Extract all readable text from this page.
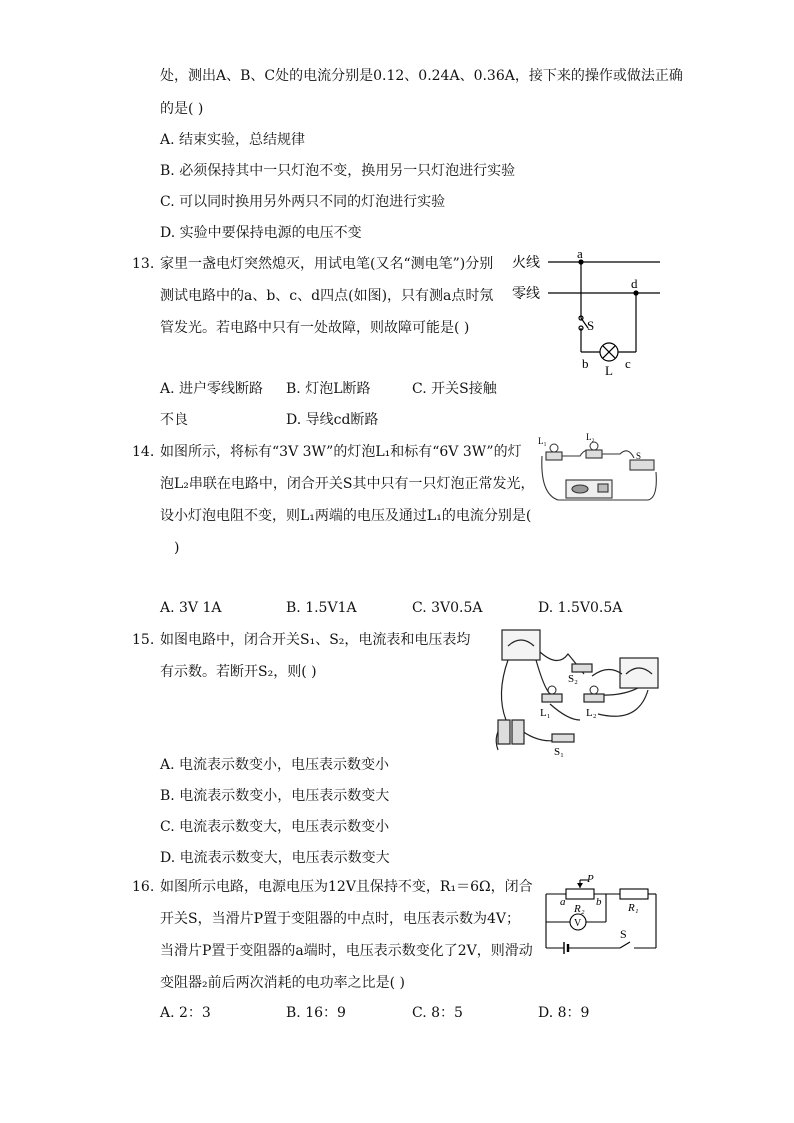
处，测出A、B、C处的电流分别是0.12、0.24A、0.36A，接下来的操作或做法正确
的是( )
A. 结束实验，总结规律
B. 必须保持其中一只灯泡不变，换用另一只灯泡进行实验
C. 可以同时换用另外两只不同的灯泡进行实验
D. 实验中要保持电源的电压不变
13. 家里一盏电灯突然熄灭，用试电笔(又名“测电笔”)分别
测试电路中的a、b、c、d四点(如图)，只有测a点时氖
管发光。若电路中只有一处故障，则故障可能是( )
A. 进户零线断路 B. 灯泡L断路	C. 开关S接触
不良	D. 导线cd断路
火线
零线
a
d
S
b	c
L
14. 如图所示，将标有“3V 3W”的灯泡L₁和标有“6V 3W”的灯
泡L₂串联在电路中，闭合开关S其中只有一只灯泡正常发光，
设小灯泡电阻不变，则L₁两端的电压及通过L₁的电流分别是(
)
A. 3V 1A	B. 1.5V1A	C. 3V0.5A	D. 1.5V0.5A
L₁	L₂
S
15. 如图电路中，闭合开关S₁、S₂，电流表和电压表均
有示数。若断开S₂，则( )
A. 电流表示数变小，电压表示数变小
B. 电流表示数变小，电压表示数变大
C. 电流表示数变大，电压表示数变小
D. 电流表示数变大，电压表示数变大
S₂
L₁	L₂
S₁
16. 如图所示电路，电源电压为12V且保持不变，R₁＝6Ω，闭合
开关S，当滑片P置于变阻器的中点时，电压表示数为4V；
当滑片P置于变阻器的a端时，电压表示数变化了2V，则滑动
变阻器₂前后两次消耗的电功率之比是( )
A. 2：3	B. 16：9	C. 8：5	D. 8：9
P
a	b
R₂	R₁
V
S
